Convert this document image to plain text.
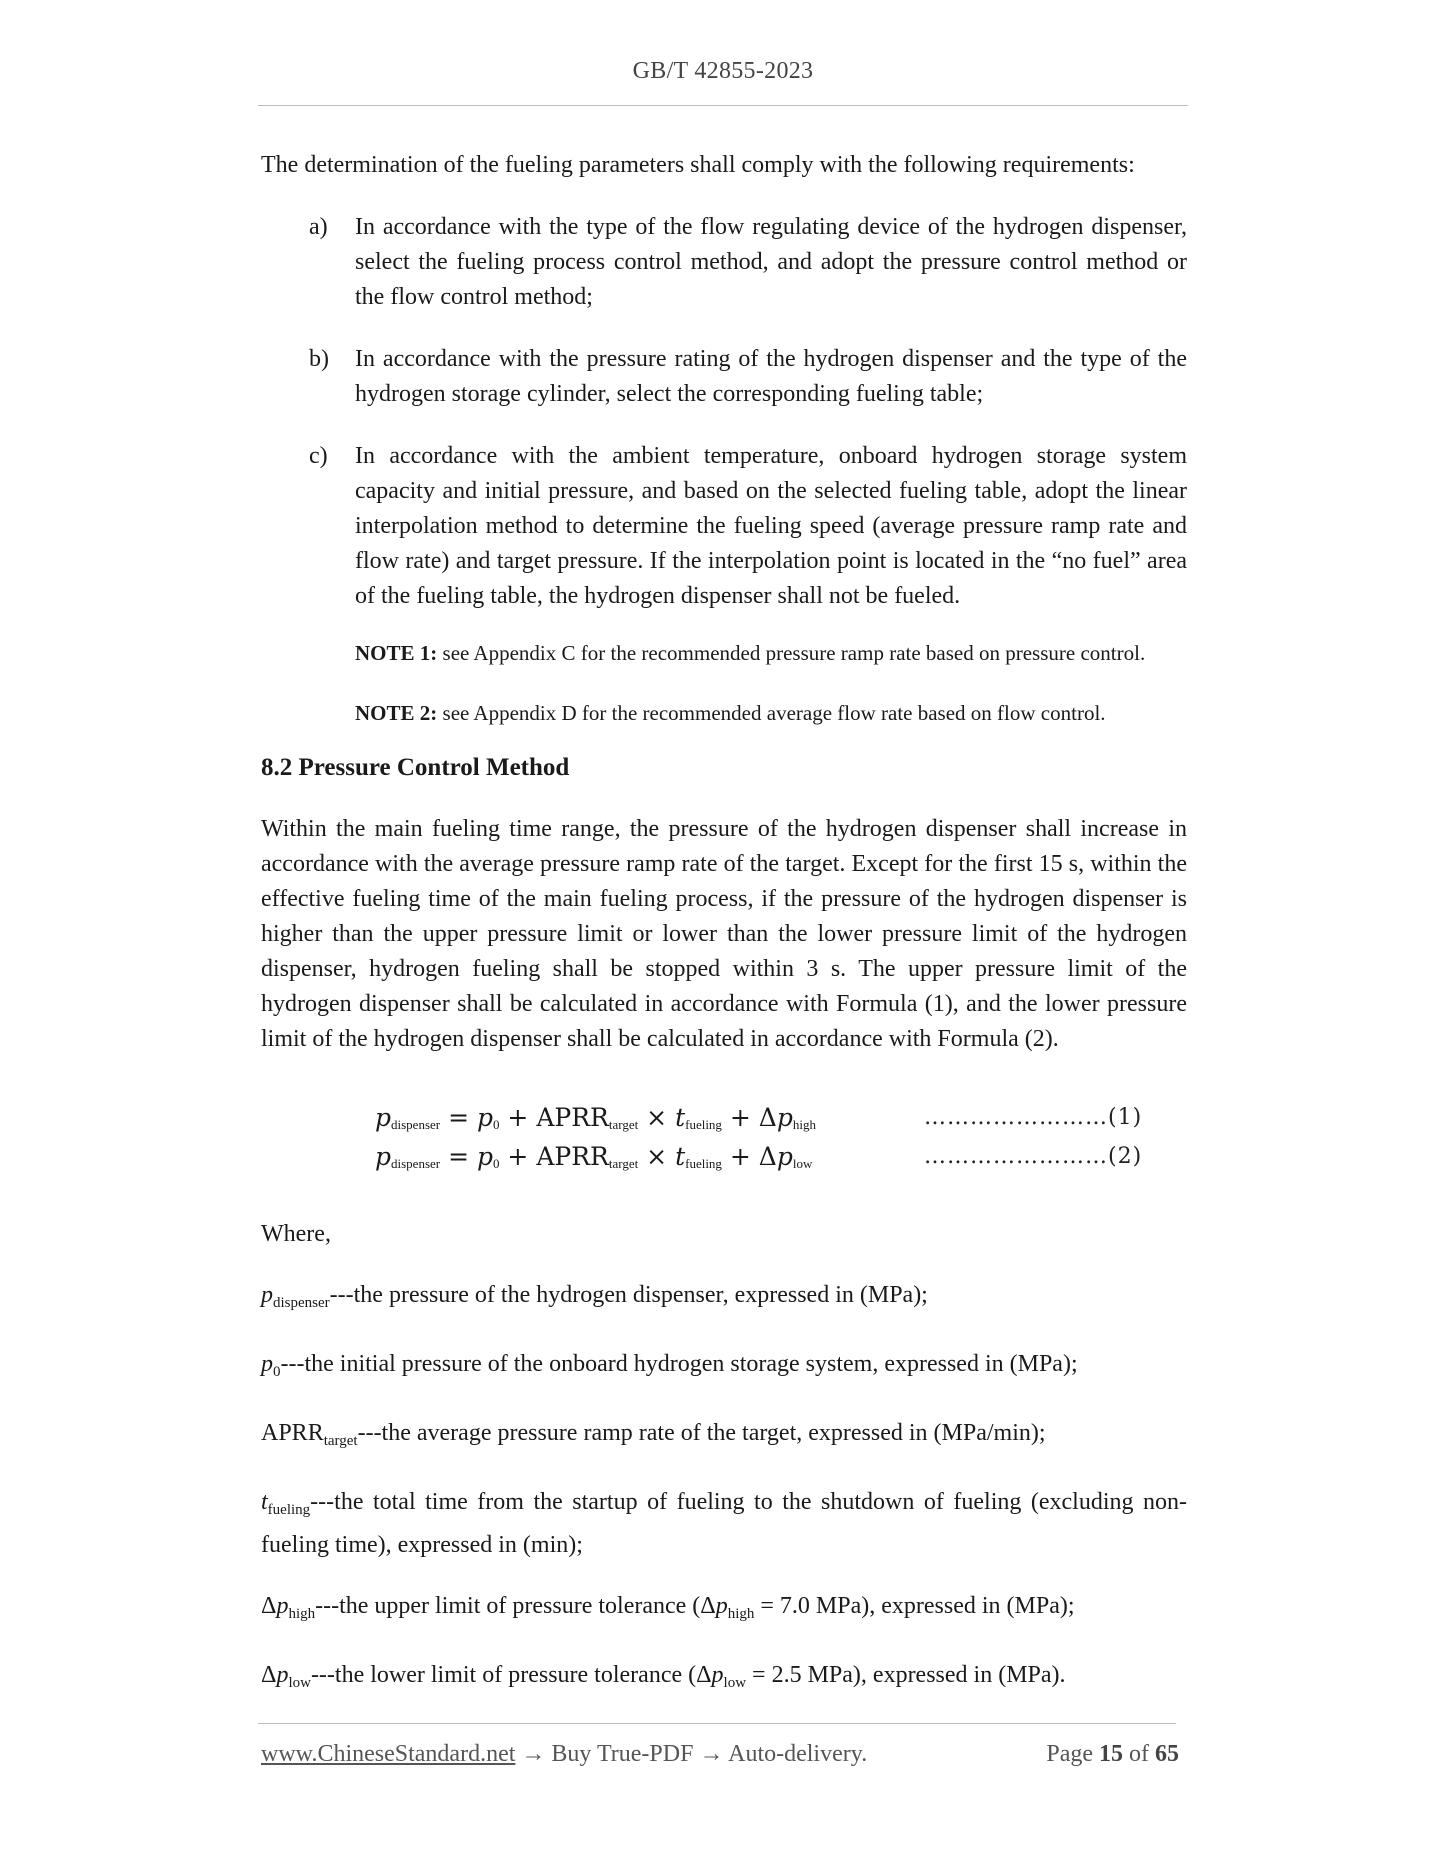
GB/T 42855-2023

The determination of the fueling parameters shall comply with the following requirements:

a)	In accordance with the type of the flow regulating device of the hydrogen dispenser, select the fueling process control method, and adopt the pressure control method or the flow control method;
b)	In accordance with the pressure rating of the hydrogen dispenser and the type of the hydrogen storage cylinder, select the corresponding fueling table;
c)	In accordance with the ambient temperature, onboard hydrogen storage system capacity and initial pressure, and based on the selected fueling table, adopt the linear interpolation method to determine the fueling speed (average pressure ramp rate and flow rate) and target pressure. If the interpolation point is located in the “no fuel” area of the fueling table, the hydrogen dispenser shall not be fueled.

NOTE 1: see Appendix C for the recommended pressure ramp rate based on pressure control.

NOTE 2: see Appendix D for the recommended average flow rate based on flow control.

8.2 Pressure Control Method

Within the main fueling time range, the pressure of the hydrogen dispenser shall increase in accordance with the average pressure ramp rate of the target. Except for the first 15 s, within the effective fueling time of the main fueling process, if the pressure of the hydrogen dispenser is higher than the upper pressure limit or lower than the lower pressure limit of the hydrogen dispenser, hydrogen fueling shall be stopped within 3 s. The upper pressure limit of the hydrogen dispenser shall be calculated in accordance with Formula (1), and the lower pressure limit of the hydrogen dispenser shall be calculated in accordance with Formula (2).

$p_{dispenser} = p_0$ + $APRR_{target} \times t_{fueling} + \Delta p_{high}$	……………………(1)
$p_{dispenser} = p_0$ + $APRR_{target} \times t_{fueling} + \Delta p_{low}$	……………………(2)

Where,

$p_{dispenser}--$-the pressure of the hydrogen dispenser, expressed in (MPa);

$p_0--$-the initial pressure of the onboard hydrogen storage system, expressed in (MPa);

$APRR_{target}--$-the average pressure ramp rate of the target, expressed in (MPa/min);

$t_{fueling}--$-the total time from the startup of fueling to the shutdown of fueling (excluding non-fueling time), expressed in (min);

$\Delta p_{high}--$-the upper limit of pressure tolerance ($\Delta p_{high} = 7.0$ MPa), expressed in (MPa);

$\Delta p_{low}--$-the lower limit of pressure tolerance ($\Delta p_{low} = 2.5$ MPa), expressed in (MPa).

www.ChineseStandard.net → Buy True-PDF → Auto-delivery.	Page 15 of 65
